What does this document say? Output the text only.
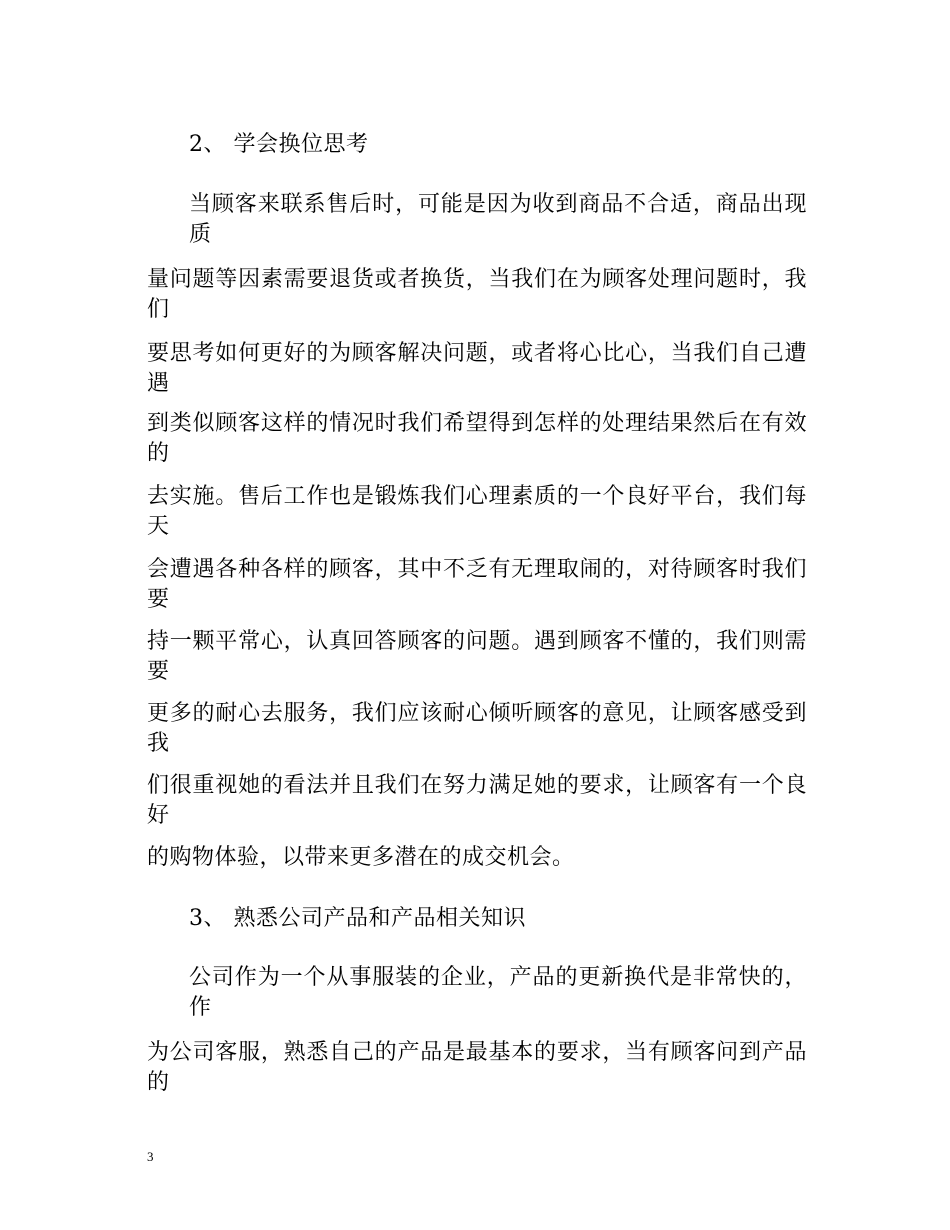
2、 学会换位思考
当顾客来联系售后时，可能是因为收到商品不合适，商品出现质
量问题等因素需要退货或者换货，当我们在为顾客处理问题时，我们
要思考如何更好的为顾客解决问题，或者将心比心，当我们自己遭遇
到类似顾客这样的情况时我们希望得到怎样的处理结果然后在有效的
去实施。售后工作也是锻炼我们心理素质的一个良好平台，我们每天
会遭遇各种各样的顾客，其中不乏有无理取闹的，对待顾客时我们要
持一颗平常心，认真回答顾客的问题。遇到顾客不懂的，我们则需要
更多的耐心去服务，我们应该耐心倾听顾客的意见，让顾客感受到我
们很重视她的看法并且我们在努力满足她的要求，让顾客有一个良好
的购物体验，以带来更多潜在的成交机会。
3、 熟悉公司产品和产品相关知识
公司作为一个从事服装的企业，产品的更新换代是非常快的，作
为公司客服，熟悉自己的产品是最基本的要求，当有顾客问到产品的
3
